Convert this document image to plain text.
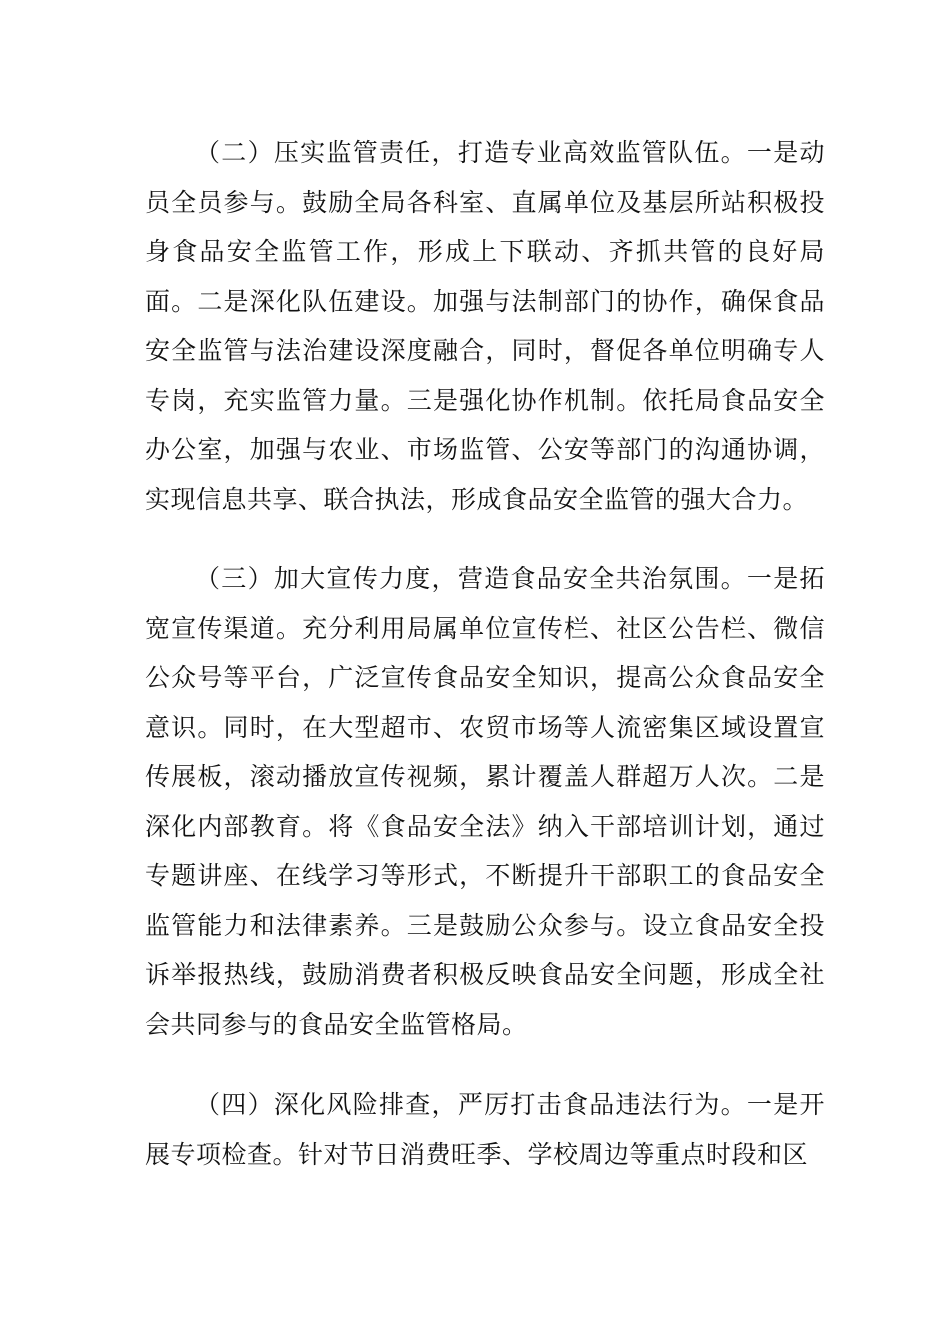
（二）压实监管责任，打造专业高效监管队伍。一是动员全员参与。鼓励全局各科室、直属单位及基层所站积极投身食品安全监管工作，形成上下联动、齐抓共管的良好局面。二是深化队伍建设。加强与法制部门的协作，确保食品安全监管与法治建设深度融合，同时，督促各单位明确专人专岗，充实监管力量。三是强化协作机制。依托局食品安全办公室，加强与农业、市场监管、公安等部门的沟通协调，实现信息共享、联合执法，形成食品安全监管的强大合力。

（三）加大宣传力度，营造食品安全共治氛围。一是拓宽宣传渠道。充分利用局属单位宣传栏、社区公告栏、微信公众号等平台，广泛宣传食品安全知识，提高公众食品安全意识。同时，在大型超市、农贸市场等人流密集区域设置宣传展板，滚动播放宣传视频，累计覆盖人群超万人次。二是深化内部教育。将《食品安全法》纳入干部培训计划，通过专题讲座、在线学习等形式，不断提升干部职工的食品安全监管能力和法律素养。三是鼓励公众参与。设立食品安全投诉举报热线，鼓励消费者积极反映食品安全问题，形成全社会共同参与的食品安全监管格局。

（四）深化风险排查，严厉打击食品违法行为。一是开展专项检查。针对节日消费旺季、学校周边等重点时段和区
